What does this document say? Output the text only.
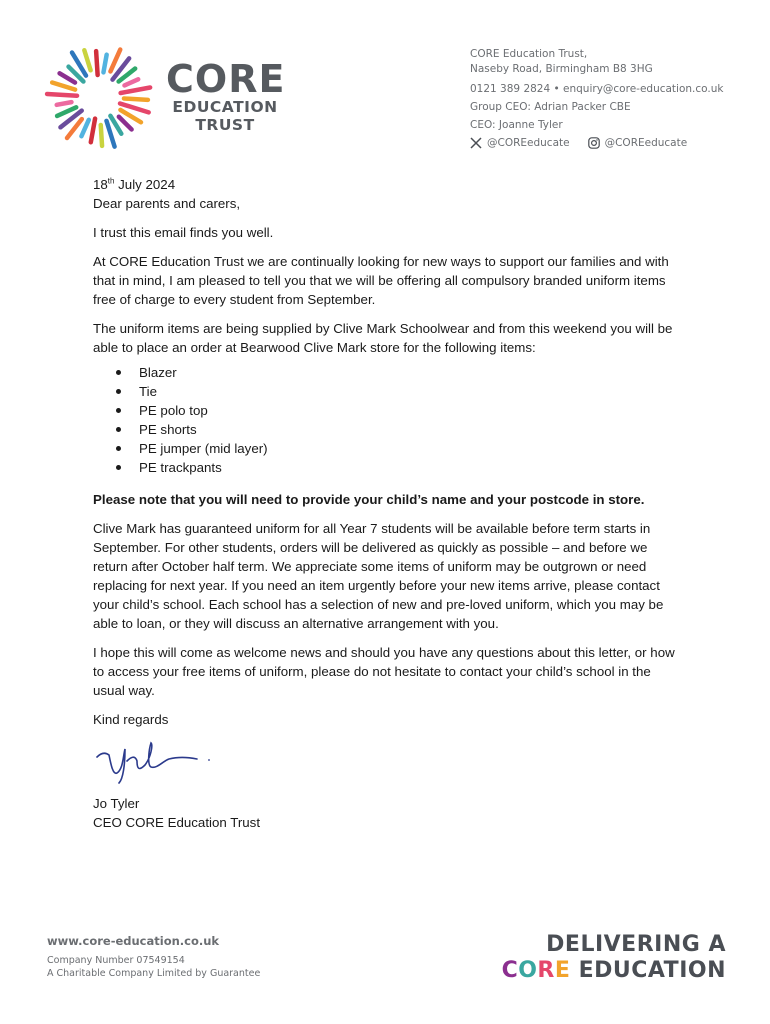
CORE
EDUCATION
TRUST
CORE Education Trust,
Naseby Road, Birmingham B8 3HG
0121 389 2824 • enquiry@core-education.co.uk
Group CEO: Adrian Packer CBE
CEO: Joanne Tyler
@COREeducate	@COREeducate

18th July 2024

Dear parents and carers,

I trust this email finds you well.

At CORE Education Trust we are continually looking for new ways to support our families and with that in mind, I am pleased to tell you that we will be offering all compulsory branded uniform items free of charge to every student from September.

The uniform items are being supplied by Clive Mark Schoolwear and from this weekend you will be able to place an order at Bearwood Clive Mark store for the following items:

Blazer
Tie
PE polo top
PE shorts
PE jumper (mid layer)
PE trackpants

Please note that you will need to provide your child’s name and your postcode in store.

Clive Mark has guaranteed uniform for all Year 7 students will be available before term starts in September. For other students, orders will be delivered as quickly as possible – and before we return after October half term. We appreciate some items of uniform may be outgrown or need replacing for next year. If you need an item urgently before your new items arrive, please contact your child’s school. Each school has a selection of new and pre-loved uniform, which you may be able to loan, or they will discuss an alternative arrangement with you.

I hope this will come as welcome news and should you have any questions about this letter, or how to access your free items of uniform, please do not hesitate to contact your child’s school in the usual way.

Kind regards

Jo Tyler

CEO CORE Education Trust

www.core-education.co.uk
Company Number 07549154
A Charitable Company Limited by Guarantee
DELIVERING A
CORE EDUCATION
